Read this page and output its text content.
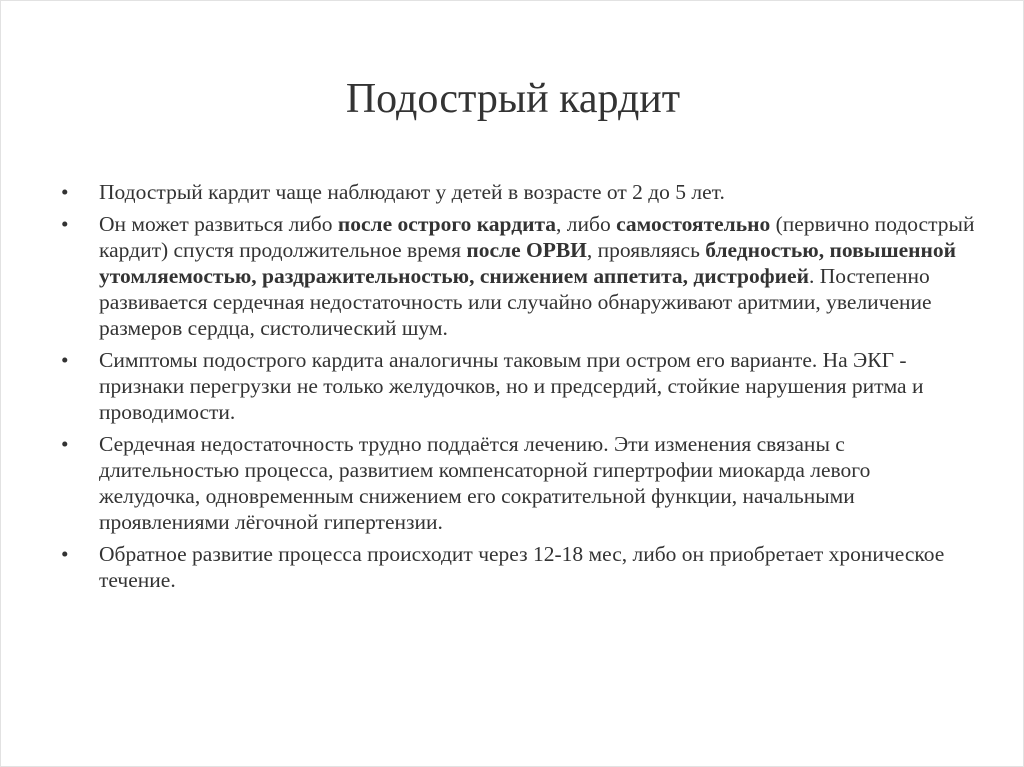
Подострый кардит
•	Подострый кардит чаще наблюдают у детей в возрасте от 2 до 5 лет.
•	Он может развиться либо после острого кардита, либо самостоятельно (первично подострый кардит) спустя продолжительное время после ОРВИ, проявляясь бледностью, повышенной утомляемостью, раздражительностью, снижением аппетита, дистрофией. Постепенно развивается сердечная недостаточность или случайно обнаруживают аритмии, увеличение размеров сердца, систолический шум.
•	Симптомы подострого кардита аналогичны таковым при остром его варианте. На ЭКГ - признаки перегрузки не только желудочков, но и предсердий, стойкие нарушения ритма и проводимости.
•	Сердечная недостаточность трудно поддаётся лечению. Эти изменения связаны с длительностью процесса, развитием компенсаторной гипертрофии миокарда левого желудочка, одновременным снижением его сократительной функции, начальными проявлениями лёгочной гипертензии.
•	Обратное развитие процесса происходит через 12-18 мес, либо он приобретает хроническое течение.
